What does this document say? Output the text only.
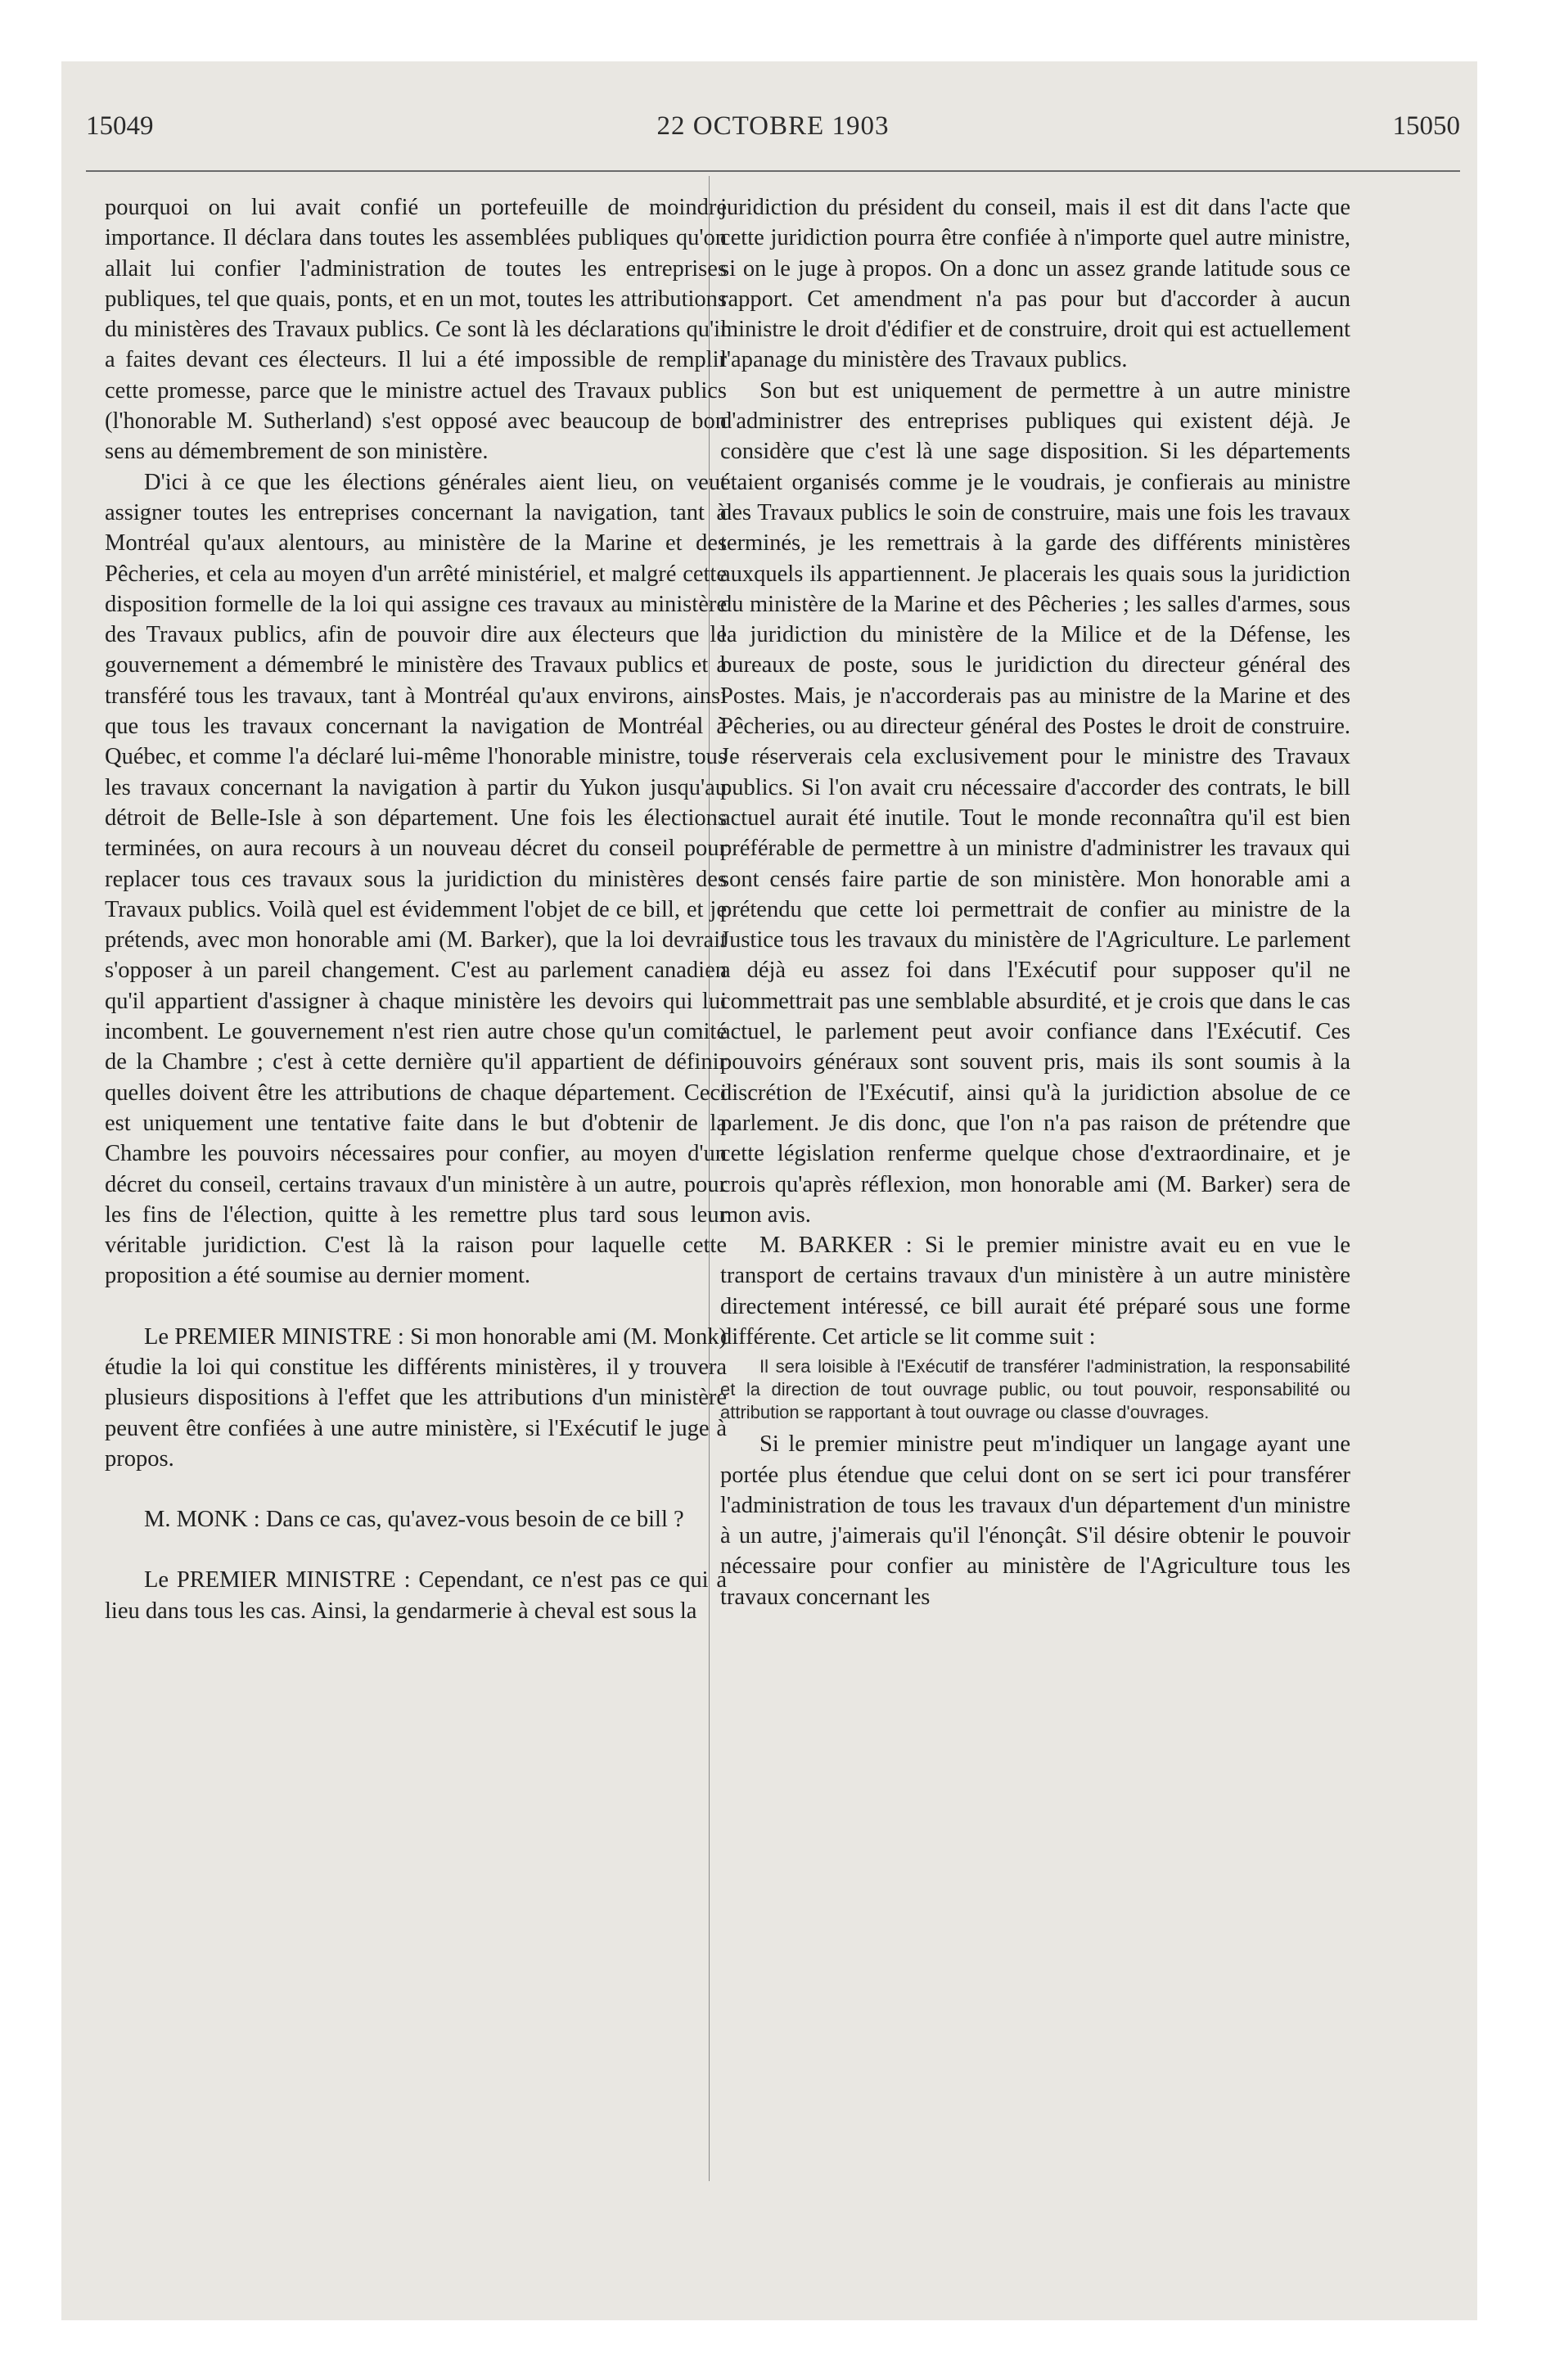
15049	22 OCTOBRE 1903	15050

pourquoi on lui avait confié un portefeuille de moindre importance. Il déclara dans toutes les assemblées publiques qu'on allait lui confier l'administration de toutes les entreprises publiques, tel que quais, ponts, et en un mot, toutes les attributions du ministères des Travaux publics. Ce sont là les déclarations qu'il a faites devant ces électeurs. Il lui a été impossible de remplir cette promesse, parce que le ministre actuel des Travaux publics (l'honorable M. Sutherland) s'est opposé avec beaucoup de bon sens au démembrement de son ministère.

D'ici à ce que les élections générales aient lieu, on veut assigner toutes les entreprises concernant la navigation, tant à Montréal qu'aux alentours, au ministère de la Marine et des Pêcheries, et cela au moyen d'un arrêté ministériel, et malgré cette disposition formelle de la loi qui assigne ces travaux au ministère des Travaux publics, afin de pouvoir dire aux électeurs que le gouvernement a démembré le ministère des Travaux publics et a transféré tous les travaux, tant à Montréal qu'aux environs, ainsi que tous les travaux concernant la navigation de Montréal à Québec, et comme l'a déclaré lui-même l'honorable ministre, tous les travaux concernant la navigation à partir du Yukon jusqu'au détroit de Belle-Isle à son département. Une fois les élections terminées, on aura recours à un nouveau décret du conseil pour replacer tous ces travaux sous la juridiction du ministères des Travaux publics. Voilà quel est évidemment l'objet de ce bill, et je prétends, avec mon honorable ami (M. Barker), que la loi devrait s'opposer à un pareil changement. C'est au parlement canadien qu'il appartient d'assigner à chaque ministère les devoirs qui lui incombent. Le gouvernement n'est rien autre chose qu'un comité de la Chambre ; c'est à cette dernière qu'il appartient de définir quelles doivent être les attributions de chaque département. Ceci est uniquement une tentative faite dans le but d'obtenir de la Chambre les pouvoirs nécessaires pour confier, au moyen d'un décret du conseil, certains travaux d'un ministère à un autre, pour les fins de l'élection, quitte à les remettre plus tard sous leur véritable juridiction. C'est là la raison pour laquelle cette proposition a été soumise au dernier moment.

Le PREMIER MINISTRE : Si mon honorable ami (M. Monk) étudie la loi qui constitue les différents ministères, il y trouvera plusieurs dispositions à l'effet que les attributions d'un ministère peuvent être confiées à une autre ministère, si l'Exécutif le juge à propos.

M. MONK : Dans ce cas, qu'avez-vous besoin de ce bill ?

Le PREMIER MINISTRE : Cependant, ce n'est pas ce qui a lieu dans tous les cas. Ainsi, la gendarmerie à cheval est sous la

juridiction du président du conseil, mais il est dit dans l'acte que cette juridiction pourra être confiée à n'importe quel autre ministre, si on le juge à propos. On a donc un assez grande latitude sous ce rapport. Cet amendment n'a pas pour but d'accorder à aucun ministre le droit d'édifier et de construire, droit qui est actuellement l'apanage du ministère des Travaux publics.

Son but est uniquement de permettre à un autre ministre d'administrer des entreprises publiques qui existent déjà. Je considère que c'est là une sage disposition. Si les départements étaient organisés comme je le voudrais, je confierais au ministre des Travaux publics le soin de construire, mais une fois les travaux terminés, je les remettrais à la garde des différents ministères auxquels ils appartiennent. Je placerais les quais sous la juridiction du ministère de la Marine et des Pêcheries ; les salles d'armes, sous la juridiction du ministère de la Milice et de la Défense, les bureaux de poste, sous le juridiction du directeur général des Postes. Mais, je n'accorderais pas au ministre de la Marine et des Pêcheries, ou au directeur général des Postes le droit de construire. Je réserverais cela exclusivement pour le ministre des Travaux publics. Si l'on avait cru nécessaire d'accorder des contrats, le bill actuel aurait été inutile. Tout le monde reconnaîtra qu'il est bien préférable de permettre à un ministre d'administrer les travaux qui sont censés faire partie de son ministère. Mon honorable ami a prétendu que cette loi permettrait de confier au ministre de la Justice tous les travaux du ministère de l'Agriculture. Le parlement a déjà eu assez foi dans l'Exécutif pour supposer qu'il ne commettrait pas une semblable absurdité, et je crois que dans le cas actuel, le parlement peut avoir confiance dans l'Exécutif. Ces pouvoirs généraux sont souvent pris, mais ils sont soumis à la discrétion de l'Exécutif, ainsi qu'à la juridiction absolue de ce parlement. Je dis donc, que l'on n'a pas raison de prétendre que cette législation renferme quelque chose d'extraordinaire, et je crois qu'après réflexion, mon honorable ami (M. Barker) sera de mon avis.

M. BARKER : Si le premier ministre avait eu en vue le transport de certains travaux d'un ministère à un autre ministère directement intéressé, ce bill aurait été préparé sous une forme différente. Cet article se lit comme suit :

Il sera loisible à l'Exécutif de transférer l'administration, la responsabilité et la direction de tout ouvrage public, ou tout pouvoir, responsabilité ou attribution se rapportant à tout ouvrage ou classe d'ouvrages.

Si le premier ministre peut m'indiquer un langage ayant une portée plus étendue que celui dont on se sert ici pour transférer l'administration de tous les travaux d'un département d'un ministre à un autre, j'aimerais qu'il l'énonçât. S'il désire obtenir le pouvoir nécessaire pour confier au ministère de l'Agriculture tous les travaux concernant les
